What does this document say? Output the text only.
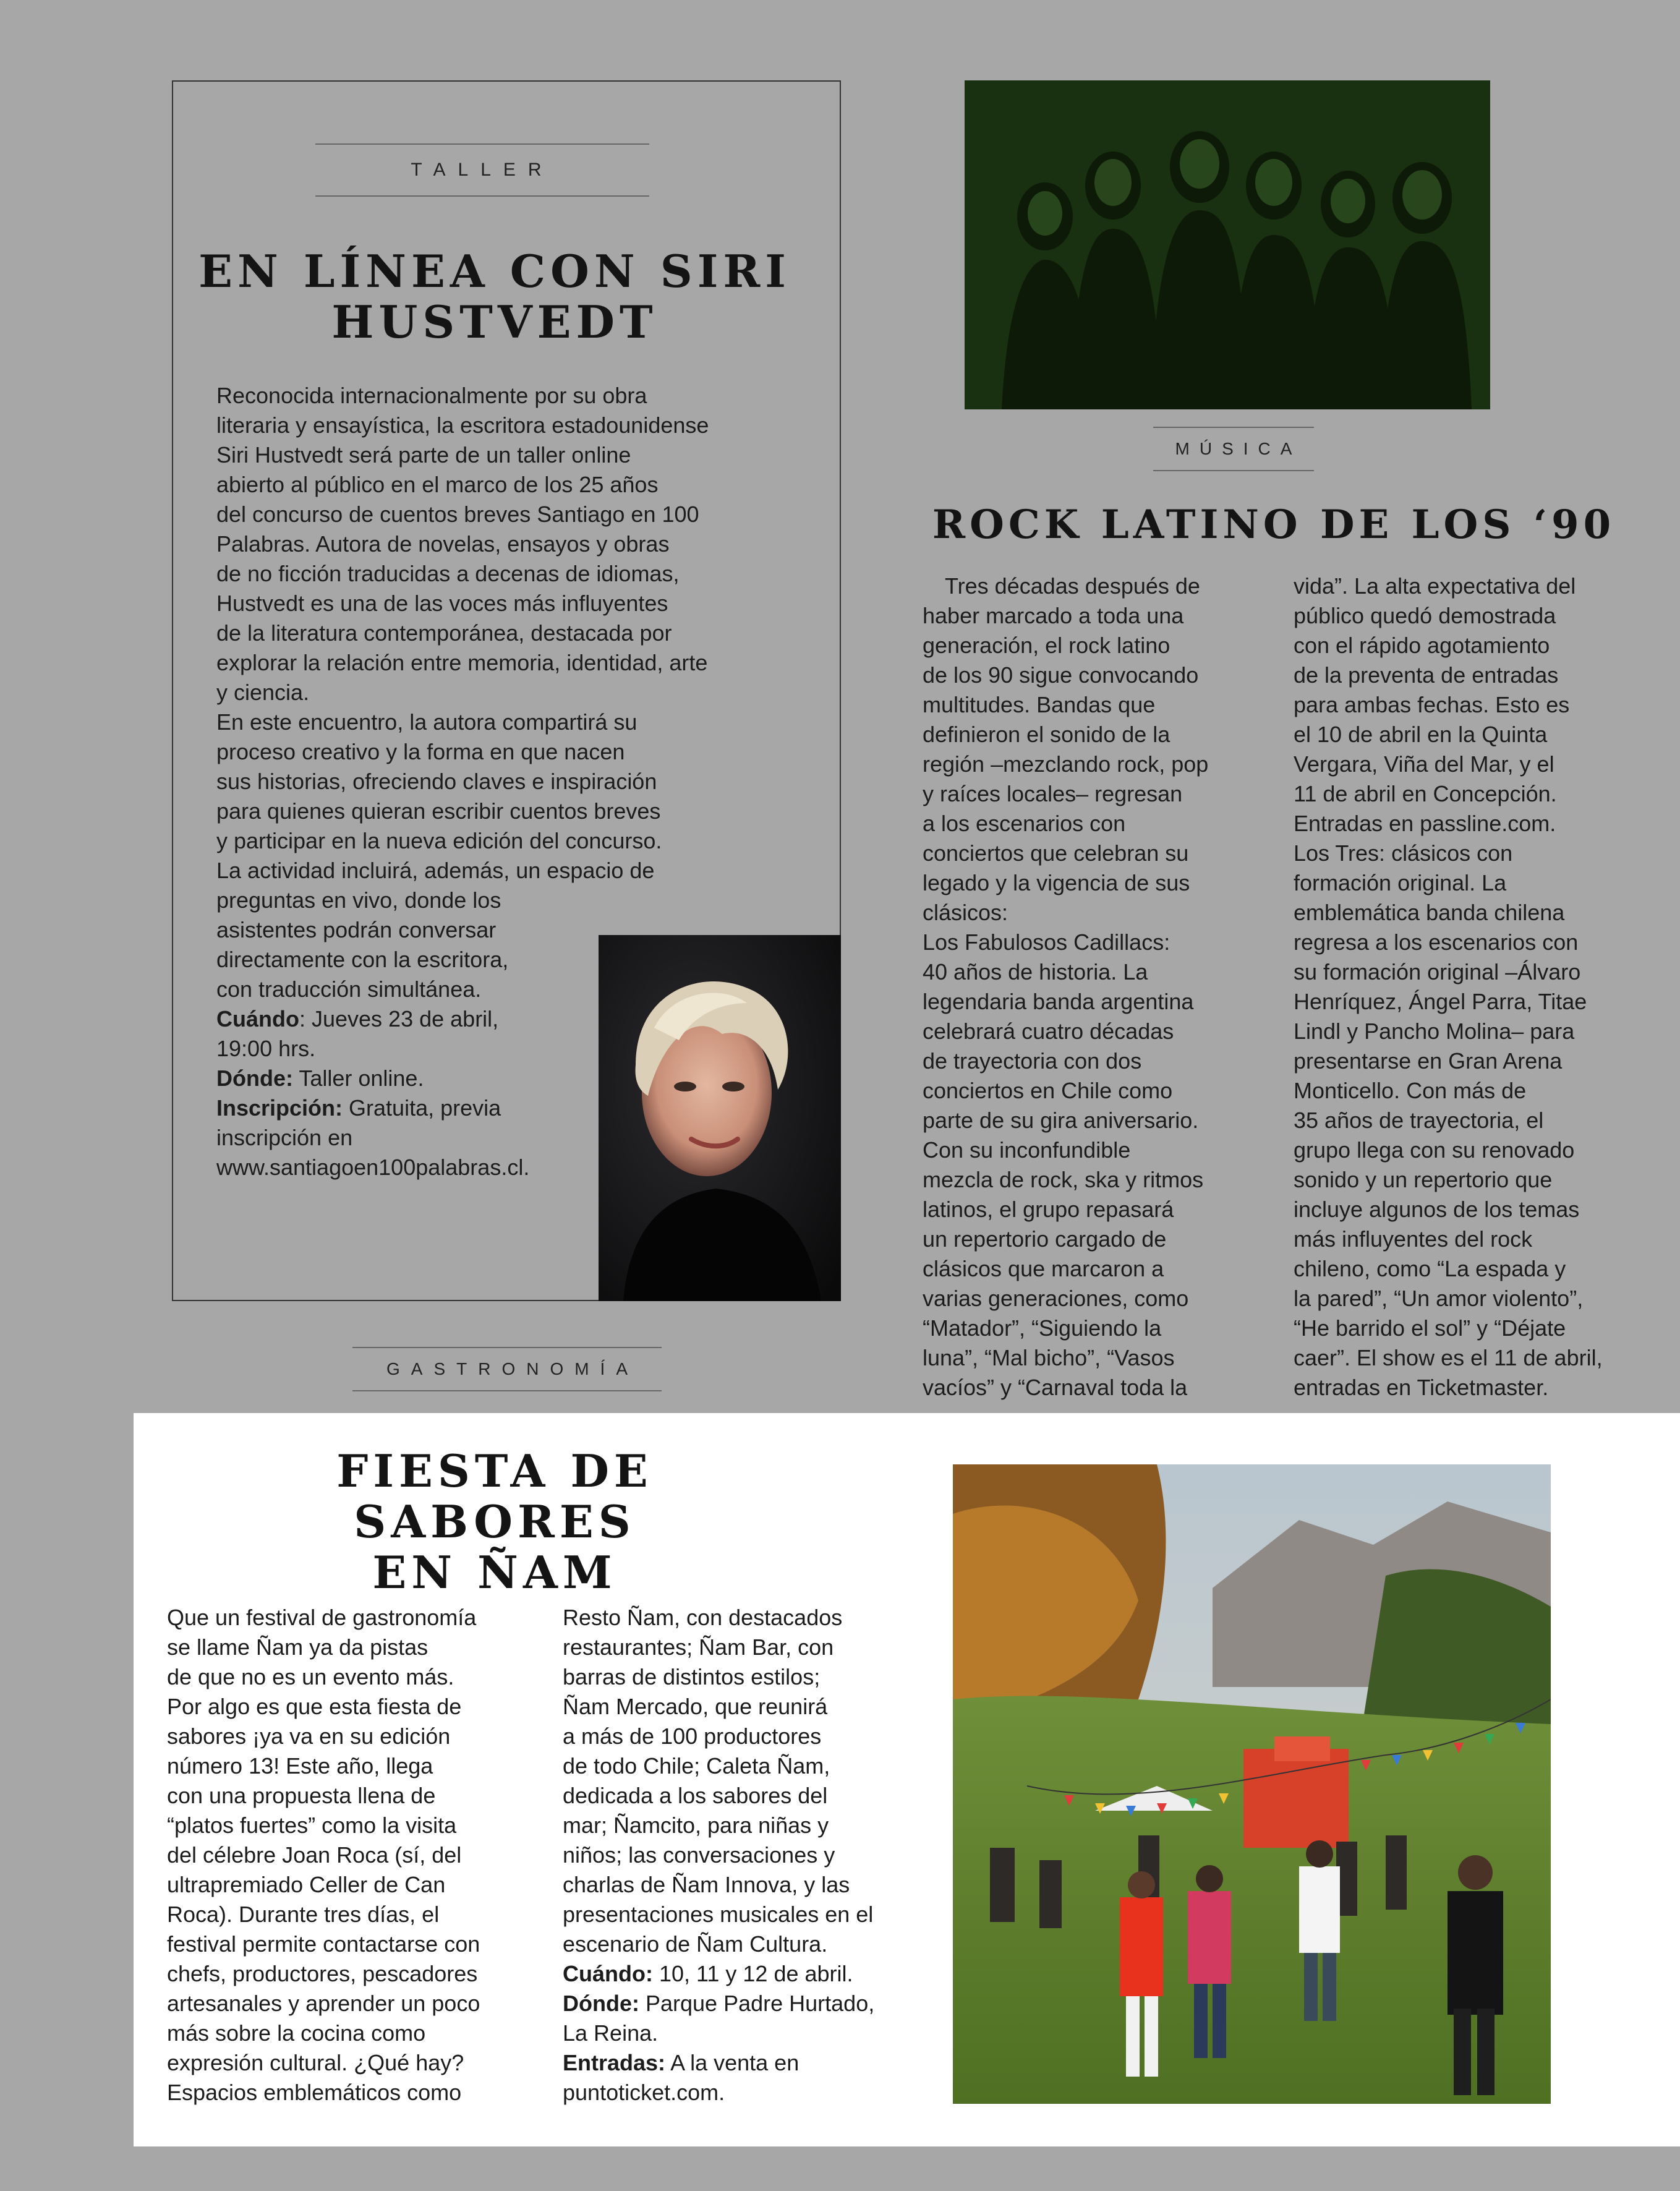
TALLER
EN LÍNEA CON SIRI
HUSTVEDT

Reconocida internacionalmente por su obra

literaria y ensayística, la escritora estadounidense

Siri Hustvedt será parte de un taller online

abierto al público en el marco de los 25 años

del concurso de cuentos breves Santiago en 100

Palabras. Autora de novelas, ensayos y obras

de no ficción traducidas a decenas de idiomas,

Hustvedt es una de las voces más influyentes

de la literatura contemporánea, destacada por

explorar la relación entre memoria, identidad, arte

y ciencia.

En este encuentro, la autora compartirá su

proceso creativo y la forma en que nacen

sus historias, ofreciendo claves e inspiración

para quienes quieran escribir cuentos breves

y participar en la nueva edición del concurso.

La actividad incluirá, además, un espacio de

preguntas en vivo, donde los

asistentes podrán conversar

directamente con la escritora,

con traducción simultánea.

Cuándo: Jueves 23 de abril,

19:00 hrs.

Dónde: Taller online.

Inscripción: Gratuita, previa

inscripción en

www.santiagoen100palabras.cl.

MÚSICA
ROCK LATINO DE LOS ‘90

Tres décadas después de

haber marcado a toda una

generación, el rock latino

de los 90 sigue convocando

multitudes. Bandas que

definieron el sonido de la

región –mezclando rock, pop

y raíces locales– regresan

a los escenarios con

conciertos que celebran su

legado y la vigencia de sus

clásicos:

Los Fabulosos Cadillacs:

40 años de historia. La

legendaria banda argentina

celebrará cuatro décadas

de trayectoria con dos

conciertos en Chile como

parte de su gira aniversario.

Con su inconfundible

mezcla de rock, ska y ritmos

latinos, el grupo repasará

un repertorio cargado de

clásicos que marcaron a

varias generaciones, como

“Matador”, “Siguiendo la

luna”, “Mal bicho”, “Vasos

vacíos” y “Carnaval toda la

vida”. La alta expectativa del

público quedó demostrada

con el rápido agotamiento

de la preventa de entradas

para ambas fechas. Esto es

el 10 de abril en la Quinta

Vergara, Viña del Mar, y el

11 de abril en Concepción.

Entradas en passline.com.

Los Tres: clásicos con

formación original. La

emblemática banda chilena

regresa a los escenarios con

su formación original –Álvaro

Henríquez, Ángel Parra, Titae

Lindl y Pancho Molina– para

presentarse en Gran Arena

Monticello. Con más de

35 años de trayectoria, el

grupo llega con su renovado

sonido y un repertorio que

incluye algunos de los temas

más influyentes del rock

chileno, como “La espada y

la pared”, “Un amor violento”,

“He barrido el sol” y “Déjate

caer”. El show es el 11 de abril,

entradas en Ticketmaster.

GASTRONOMÍA
FIESTA DE SABORES
EN ÑAM

Que un festival de gastronomía

se llame Ñam ya da pistas

de que no es un evento más.

Por algo es que esta fiesta de

sabores ¡ya va en su edición

número 13! Este año, llega

con una propuesta llena de

“platos fuertes” como la visita

del célebre Joan Roca (sí, del

ultrapremiado Celler de Can

Roca). Durante tres días, el

festival permite contactarse con

chefs, productores, pescadores

artesanales y aprender un poco

más sobre la cocina como

expresión cultural. ¿Qué hay?

Espacios emblemáticos como

Resto Ñam, con destacados

restaurantes; Ñam Bar, con

barras de distintos estilos;

Ñam Mercado, que reunirá

a más de 100 productores

de todo Chile; Caleta Ñam,

dedicada a los sabores del

mar; Ñamcito, para niñas y

niños; las conversaciones y

charlas de Ñam Innova, y las

presentaciones musicales en el

escenario de Ñam Cultura.

Cuándo: 10, 11 y 12 de abril.

Dónde: Parque Padre Hurtado,

La Reina.

Entradas: A la venta en

puntoticket.com.
